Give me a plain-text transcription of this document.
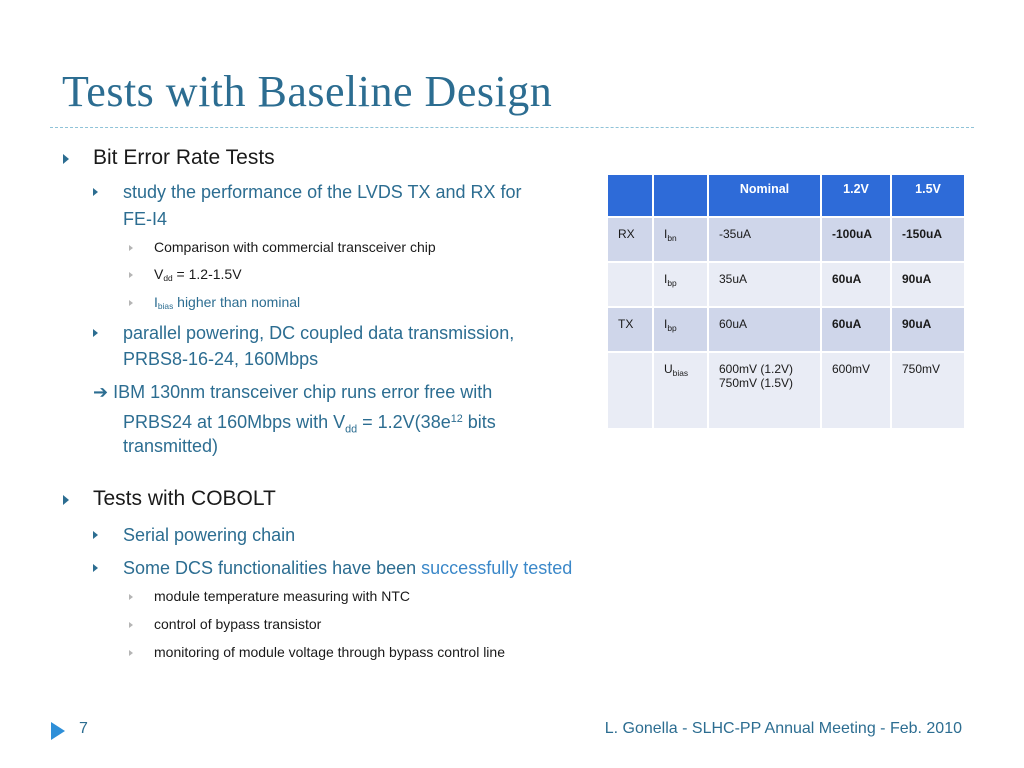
Tests with Baseline Design

Bit Error Rate Tests

study the performance of the LVDS TX and RX for

FE-I4

Comparison with commercial transceiver chip

$V_{dd} = 1.2-1.5V$

$I_{bias}$ higher than nominal

parallel powering, DC coupled data transmission,

PRBS8-16-24, 160Mbps

➔ IBM 130nm transceiver chip runs error free with

PRBS24 at 160Mbps with $V_{dd} = 1.2V(38e^{12}$ bits

transmitted)

Tests with COBOLT

Serial powering chain

Some DCS functionalities have been successfully tested

module temperature measuring with NTC

control of bypass transistor

monitoring of module voltage through bypass control line

		Nominal	1.2V	1.5V
RX	$I_{bn}$	-35uA	-100uA	-150uA
	$I_{bp}$	35uA	60uA	90uA
TX	$I_{bp}$	60uA	60uA	90uA
	$U_{bias}$	600mV (1.2V)
750mV (1.5V)	600mV	750mV
7	L. Gonella - SLHC-PP Annual Meeting - Feb. 2010
